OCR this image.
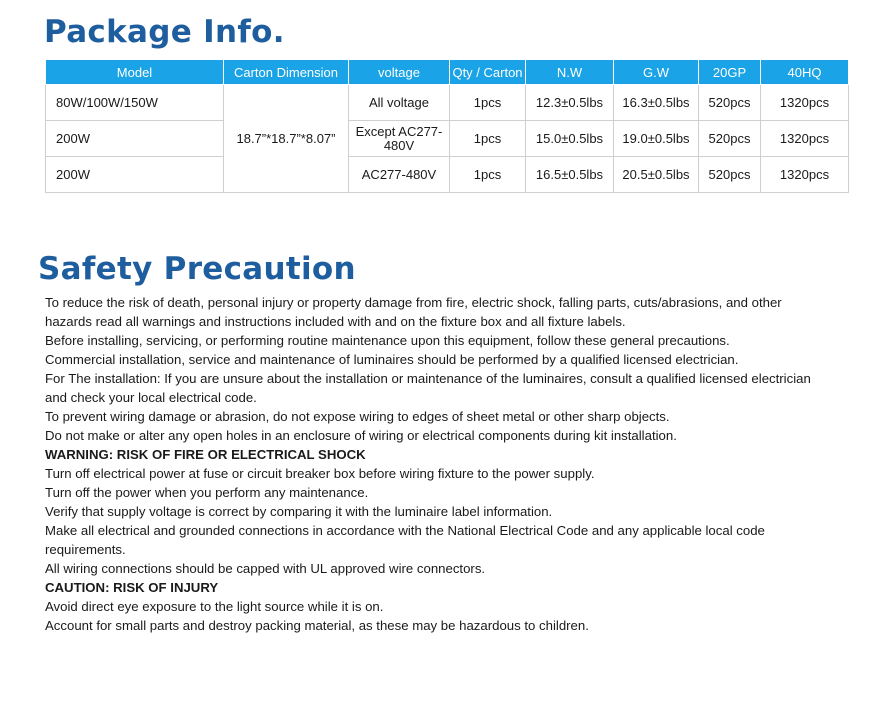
Package Info.
Model	Carton Dimension	voltage	Qty / Carton	N.W	G.W	20GP	40HQ
80W/100W/150W	18.7”*18.7”*8.07”	All voltage	1pcs	12.3±0.5lbs	16.3±0.5lbs	520pcs	1320pcs
200W		Except AC277-480V	1pcs	15.0±0.5lbs	19.0±0.5lbs	520pcs	1320pcs
200W		AC277-480V	1pcs	16.5±0.5lbs	20.5±0.5lbs	520pcs	1320pcs
Safety Precaution

To reduce the risk of death, personal injury or property damage from fire, electric shock, falling parts, cuts/abrasions, and other

hazards read all warnings and instructions included with and on the fixture box and all fixture labels.

Before installing, servicing, or performing routine maintenance upon this equipment, follow these general precautions.

Commercial installation, service and maintenance of luminaires should be performed by a qualified licensed electrician.

For The installation: If you are unsure about the installation or maintenance of the luminaires, consult a qualified licensed electrician

and check your local electrical code.

To prevent wiring damage or abrasion, do not expose wiring to edges of sheet metal or other sharp objects.

Do not make or alter any open holes in an enclosure of wiring or electrical components during kit installation.

WARNING: RISK OF FIRE OR ELECTRICAL SHOCK

Turn off electrical power at fuse or circuit breaker box before wiring fixture to the power supply.

Turn off the power when you perform any maintenance.

Verify that supply voltage is correct by comparing it with the luminaire label information.

Make all electrical and grounded connections in accordance with the National Electrical Code and any applicable local code

requirements.

All wiring connections should be capped with UL approved wire connectors.

CAUTION: RISK OF INJURY

Avoid direct eye exposure to the light source while it is on.

Account for small parts and destroy packing material, as these may be hazardous to children.
